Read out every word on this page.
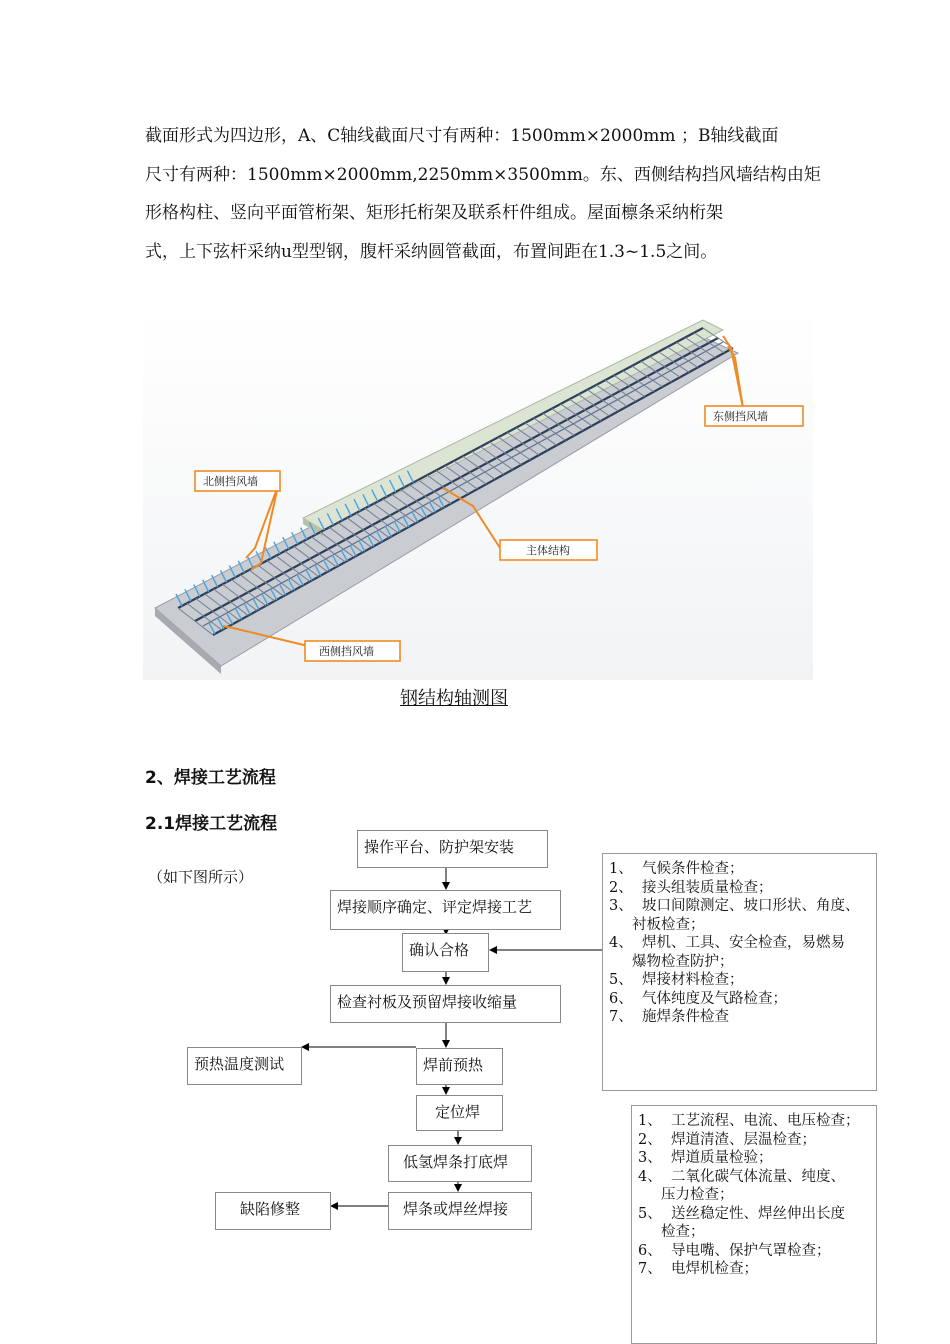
截面形式为四边形，A、C轴线截面尺寸有两种：1500mm×2000mm ；B轴线截面
尺寸有两种：1500mm×2000mm,2250mm×3500mm。东、西侧结构挡风墙结构由矩
形格构柱、竖向平面管桁架、矩形托桁架及联系杆件组成。屋面檩条采纳桁架
式，上下弦杆采纳u型型钢，腹杆采纳圆管截面，布置间距在1.3~1.5之间。

北侧挡风墙
主体结构
西侧挡风墙
东侧挡风墙
钢结构轴测图
2、焊接工艺流程
2.1焊接工艺流程
（如下图所示）
操作平台、防护架安装
焊接顺序确定、评定焊接工艺
确认合格
检查衬板及预留焊接收缩量
焊前预热
预热温度测试
定位焊
低氢焊条打底焊
焊条或焊丝焊接
缺陷修整
1、  气候条件检查；
2、  接头组装质量检查；
3、  坡口间隙测定、坡口形状、角度、
衬板检查；
4、  焊机、工具、安全检查，易燃易
爆物检查防护；
5、  焊接材料检查；
6、  气体纯度及气路检查；
7、  施焊条件检查
1、  工艺流程、电流、电压检查；
2、  焊道清渣、层温检查；
3、  焊道质量检验；
4、  二氧化碳气体流量、纯度、
压力检查；
5、  送丝稳定性、焊丝伸出长度
检查；
6、  导电嘴、保护气罩检查；
7、  电焊机检查；
